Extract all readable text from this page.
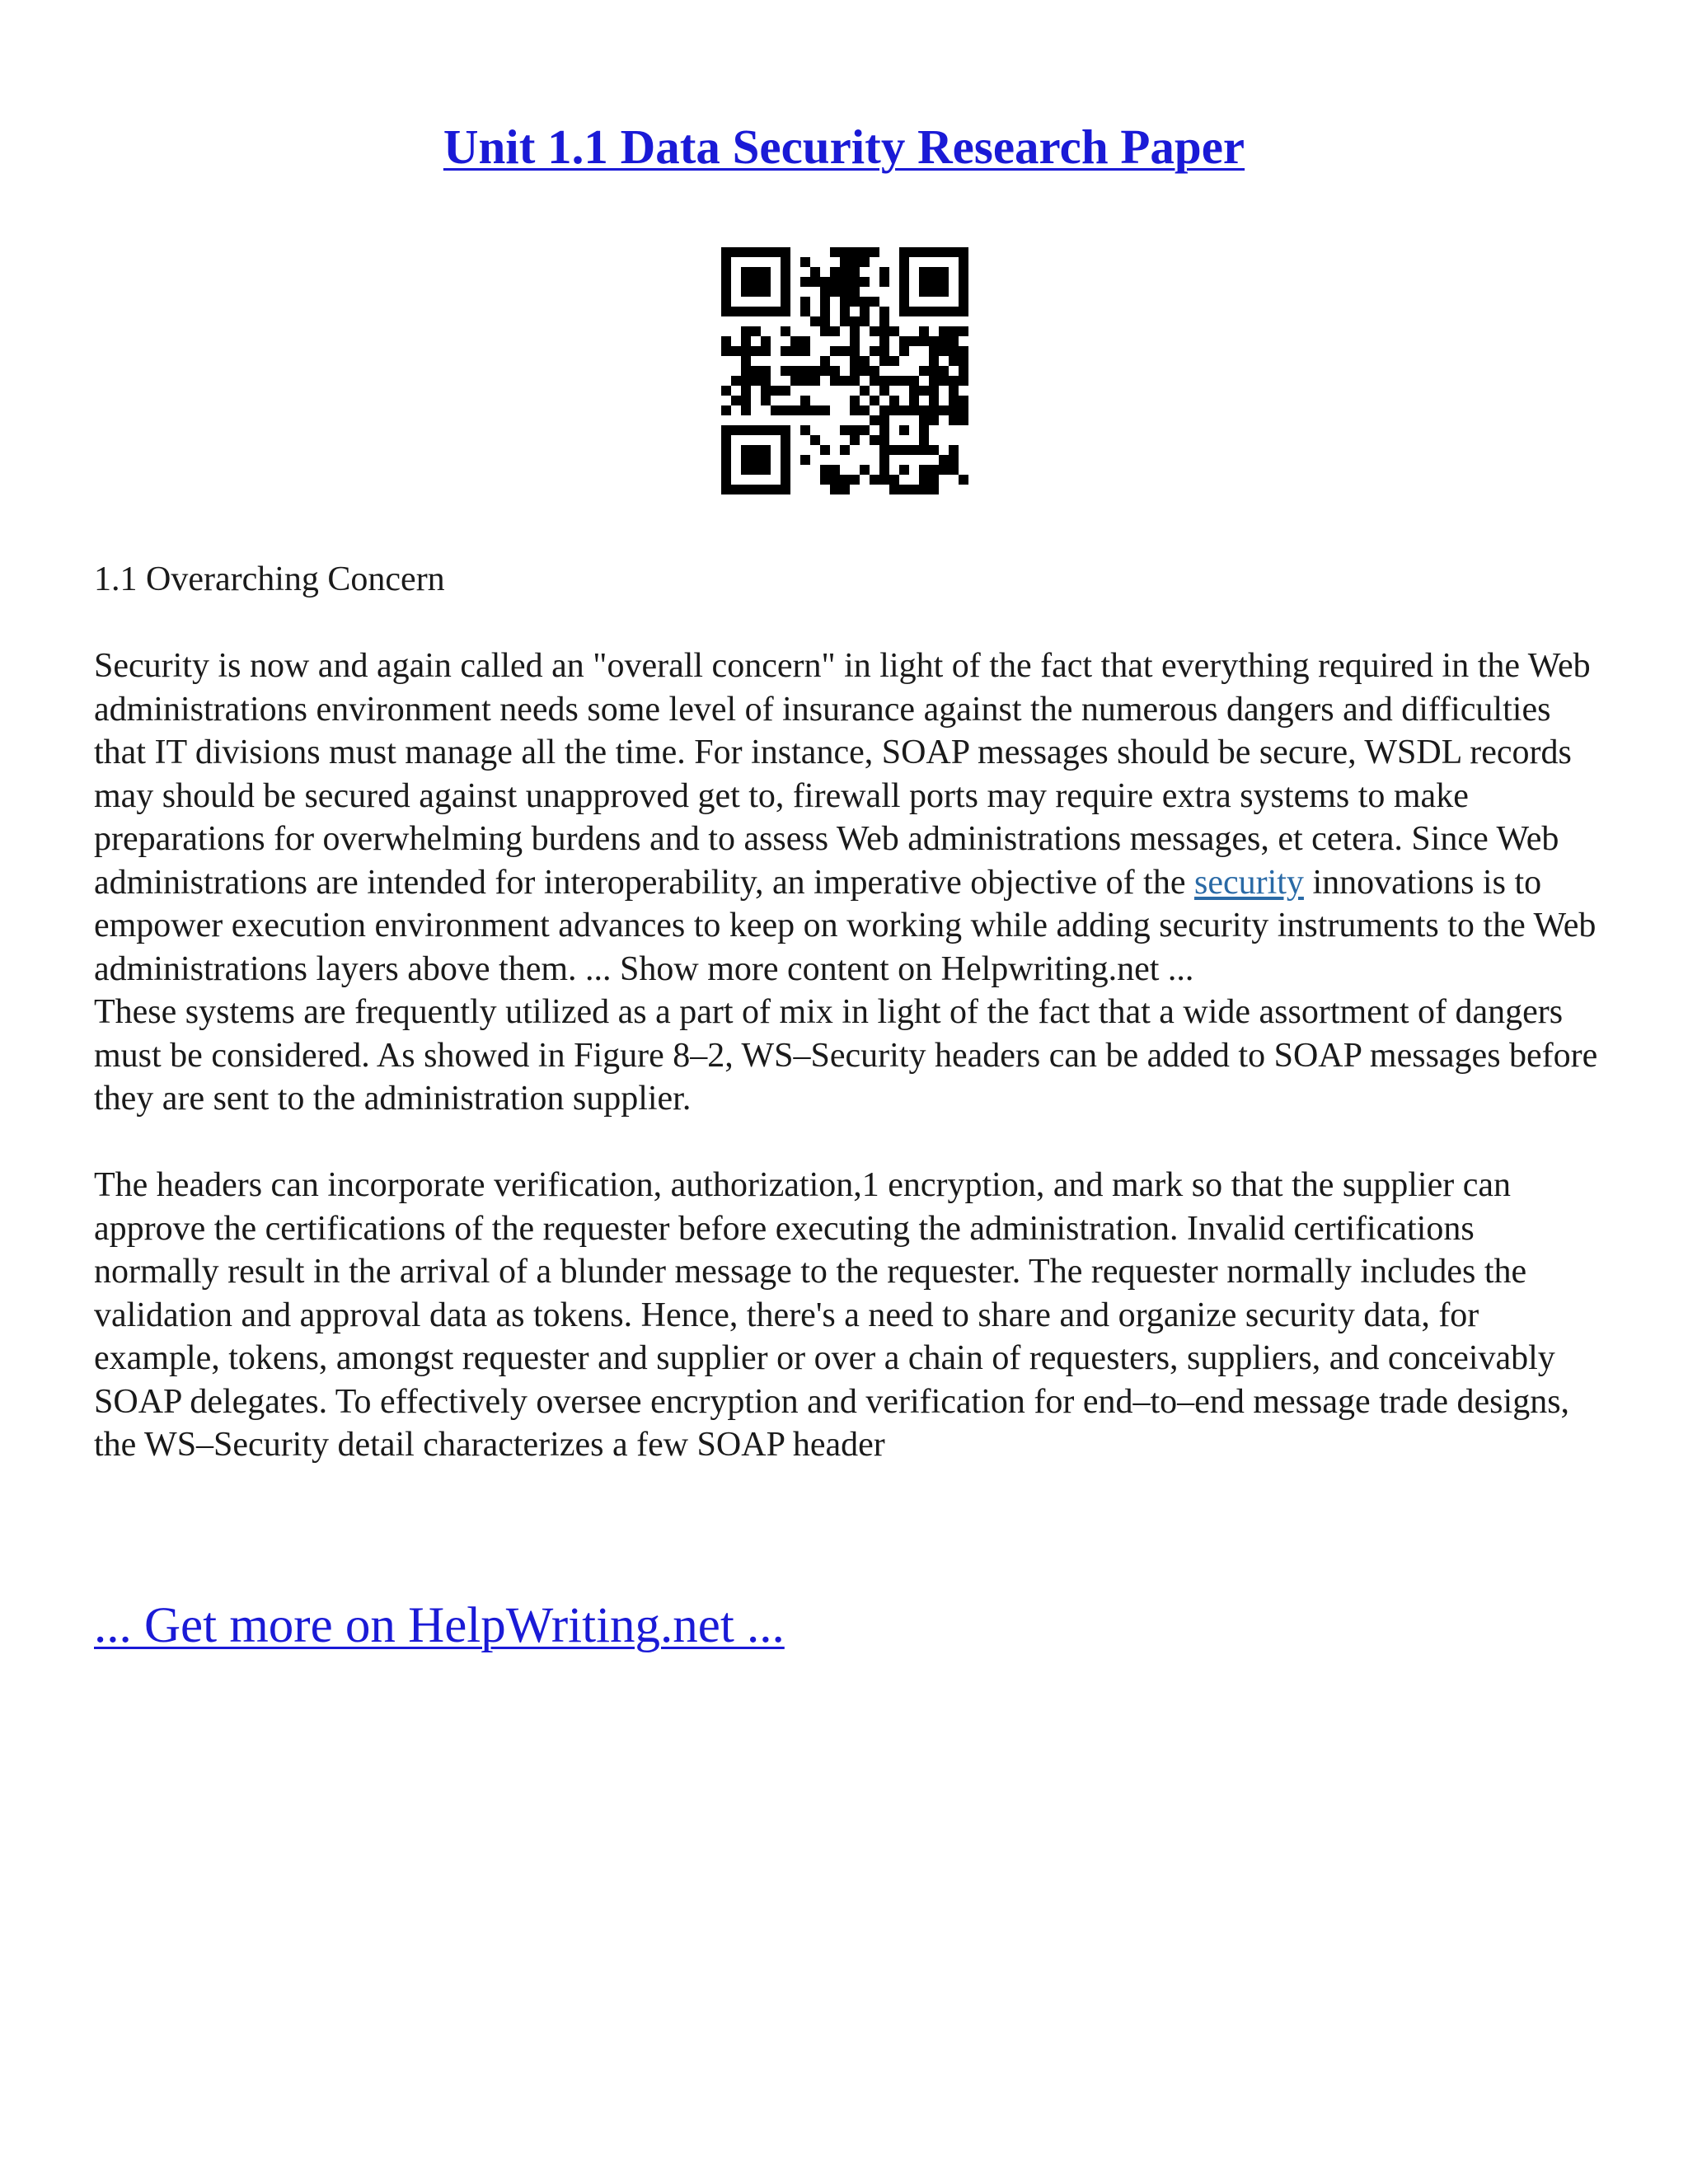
Unit 1.1 Data Security Research Paper

1.1 Overarching Concern

Security is now and again called an "overall concern" in light of the fact that everything required in the Web administrations environment needs some level of insurance against the numerous dangers and difficulties that IT divisions must manage all the time. For instance, SOAP messages should be secure, WSDL records may should be secured against unapproved get to, firewall ports may require extra systems to make preparations for overwhelming burdens and to assess Web administrations messages, et cetera. Since Web administrations are intended for interoperability, an imperative objective of the security innovations is to empower execution environment advances to keep on working while adding security instruments to the Web administrations layers above them. ... Show more content on Helpwriting.net ...

These systems are frequently utilized as a part of mix in light of the fact that a wide assortment of dangers must be considered. As showed in Figure 8–2, WS–Security headers can be added to SOAP messages before they are sent to the administration supplier.

The headers can incorporate verification, authorization,1 encryption, and mark so that the supplier can approve the certifications of the requester before executing the administration. Invalid certifications normally result in the arrival of a blunder message to the requester. The requester normally includes the validation and approval data as tokens. Hence, there's a need to share and organize security data, for example, tokens, amongst requester and supplier or over a chain of requesters, suppliers, and conceivably SOAP delegates. To effectively oversee encryption and verification for end–to–end message trade designs, the WS–Security detail characterizes a few SOAP header

... Get more on HelpWriting.net ...
